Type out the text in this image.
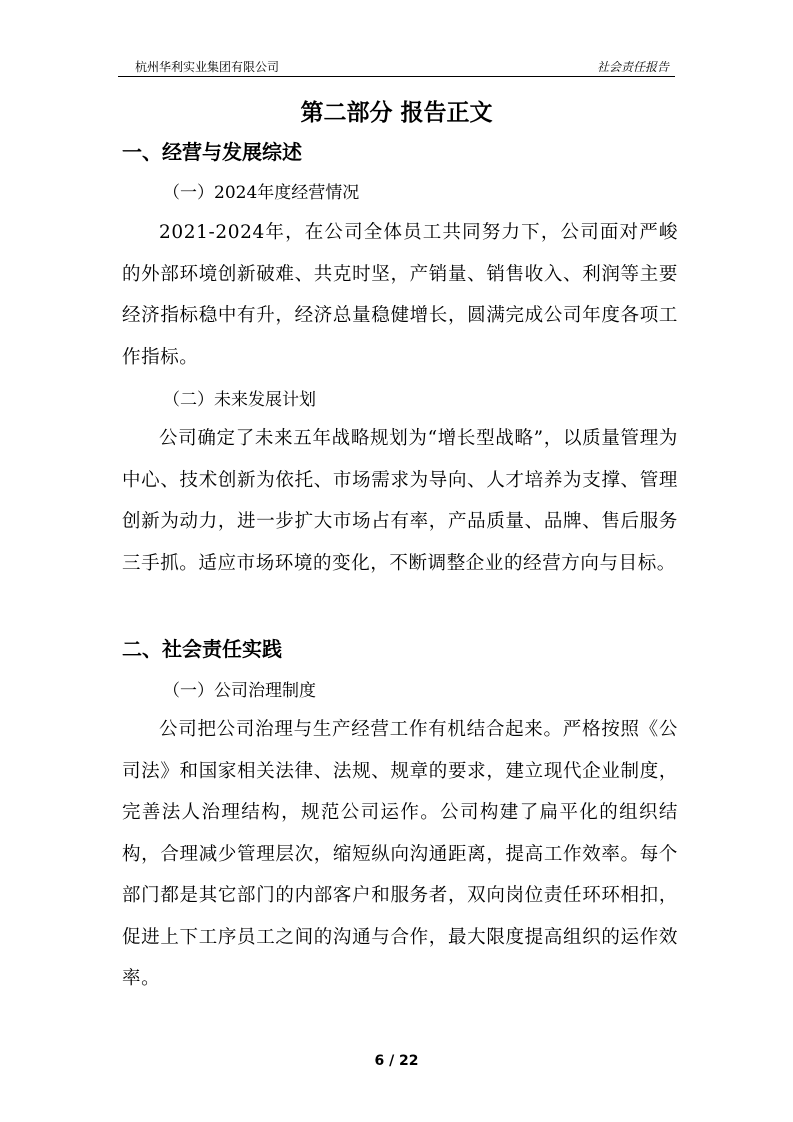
杭州华利实业集团有限公司	社会责任报告
第二部分 报告正文
一、经营与发展综述
（一）2024年度经营情况
2021-2024年，在公司全体员工共同努力下，公司面对严峻的外部环境创新破难、共克时坚，产销量、销售收入、利润等主要经济指标稳中有升，经济总量稳健增长，圆满完成公司年度各项工作指标。
（二）未来发展计划
公司确定了未来五年战略规划为“增长型战略”，以质量管理为中心、技术创新为依托、市场需求为导向、人才培养为支撑、管理创新为动力，进一步扩大市场占有率，产品质量、品牌、售后服务三手抓。适应市场环境的变化，不断调整企业的经营方向与目标。
二、社会责任实践
（一）公司治理制度
公司把公司治理与生产经营工作有机结合起来。严格按照《公司法》和国家相关法律、法规、规章的要求，建立现代企业制度，完善法人治理结构，规范公司运作。公司构建了扁平化的组织结构，合理减少管理层次，缩短纵向沟通距离，提高工作效率。每个部门都是其它部门的内部客户和服务者，双向岗位责任环环相扣，促进上下工序员工之间的沟通与合作，最大限度提高组织的运作效率。
6 / 22
